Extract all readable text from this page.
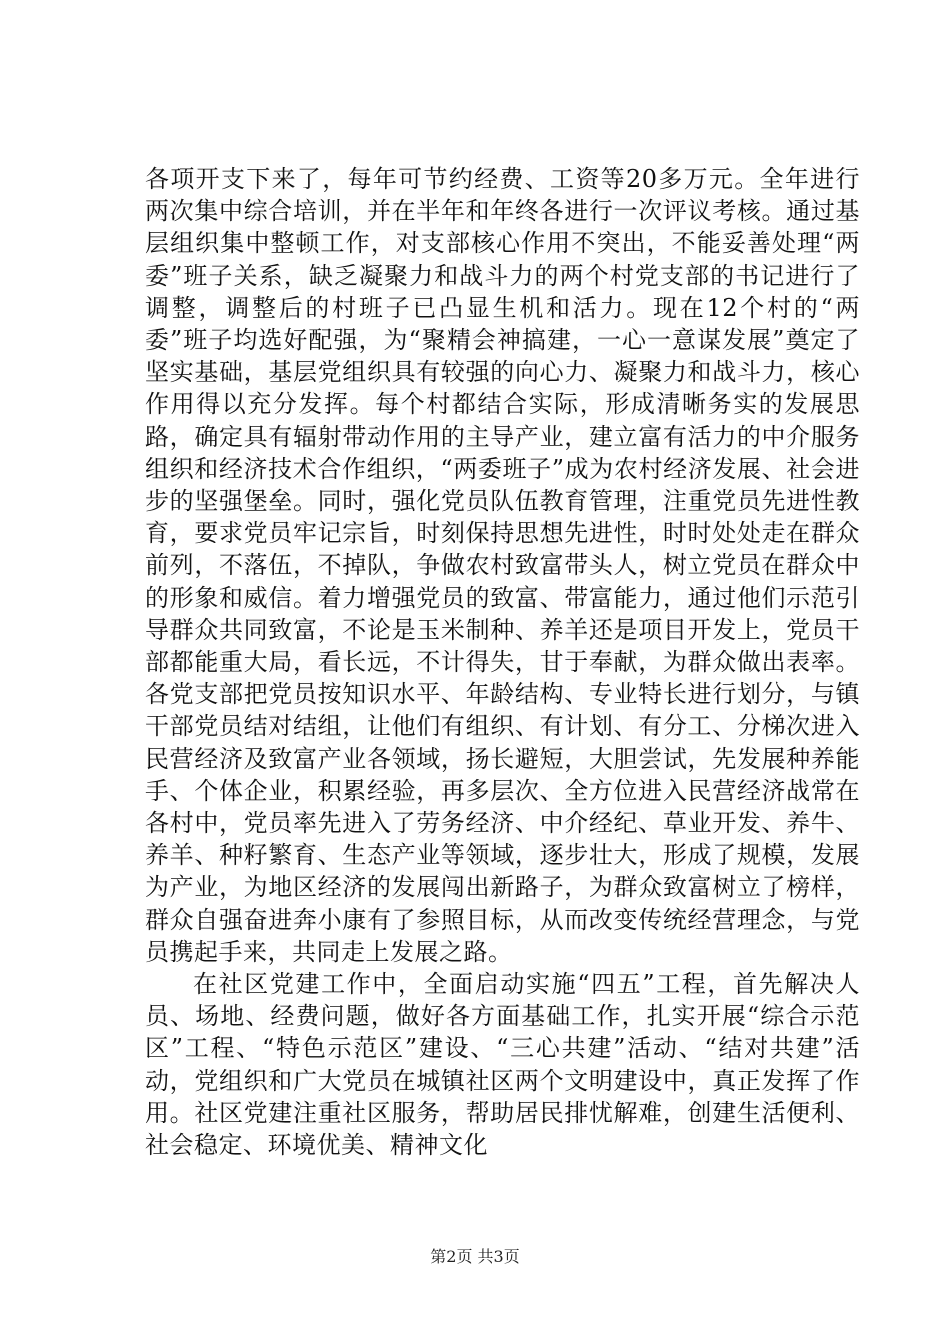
各项开支下来了，每年可节约经费、工资等20多万元。全年进行两次集中综合培训，并在半年和年终各进行一次评议考核。通过基层组织集中整顿工作，对支部核心作用不突出，不能妥善处理“两委”班子关系，缺乏凝聚力和战斗力的两个村党支部的书记进行了调整，调整后的村班子已凸显生机和活力。现在12个村的“两委”班子均选好配强，为“聚精会神搞建，一心一意谋发展”奠定了坚实基础，基层党组织具有较强的向心力、凝聚力和战斗力，核心作用得以充分发挥。每个村都结合实际，形成清晰务实的发展思路，确定具有辐射带动作用的主导产业，建立富有活力的中介服务组织和经济技术合作组织，“两委班子”成为农村经济发展、社会进步的坚强堡垒。同时，强化党员队伍教育管理，注重党员先进性教育，要求党员牢记宗旨，时刻保持思想先进性，时时处处走在群众前列，不落伍，不掉队，争做农村致富带头人，树立党员在群众中的形象和威信。着力增强党员的致富、带富能力，通过他们示范引导群众共同致富，不论是玉米制种、养羊还是项目开发上，党员干部都能重大局，看长远，不计得失，甘于奉献，为群众做出表率。各党支部把党员按知识水平、年龄结构、专业特长进行划分，与镇干部党员结对结组，让他们有组织、有计划、有分工、分梯次进入民营经济及致富产业各领域，扬长避短，大胆尝试，先发展种养能手、个体企业，积累经验，再多层次、全方位进入民营经济战常在各村中，党员率先进入了劳务经济、中介经纪、草业开发、养牛、养羊、种籽繁育、生态产业等领域，逐步壮大，形成了规模，发展为产业，为地区经济的发展闯出新路子，为群众致富树立了榜样，群众自强奋进奔小康有了参照目标，从而改变传统经营理念，与党员携起手来，共同走上发展之路。

在社区党建工作中，全面启动实施“四五”工程，首先解决人员、场地、经费问题，做好各方面基础工作，扎实开展“综合示范区”工程、“特色示范区”建设、“三心共建”活动、“结对共建”活动，党组织和广大党员在城镇社区两个文明建设中，真正发挥了作用。社区党建注重社区服务，帮助居民排忧解难，创建生活便利、社会稳定、环境优美、精神文化

第2页 共3页
